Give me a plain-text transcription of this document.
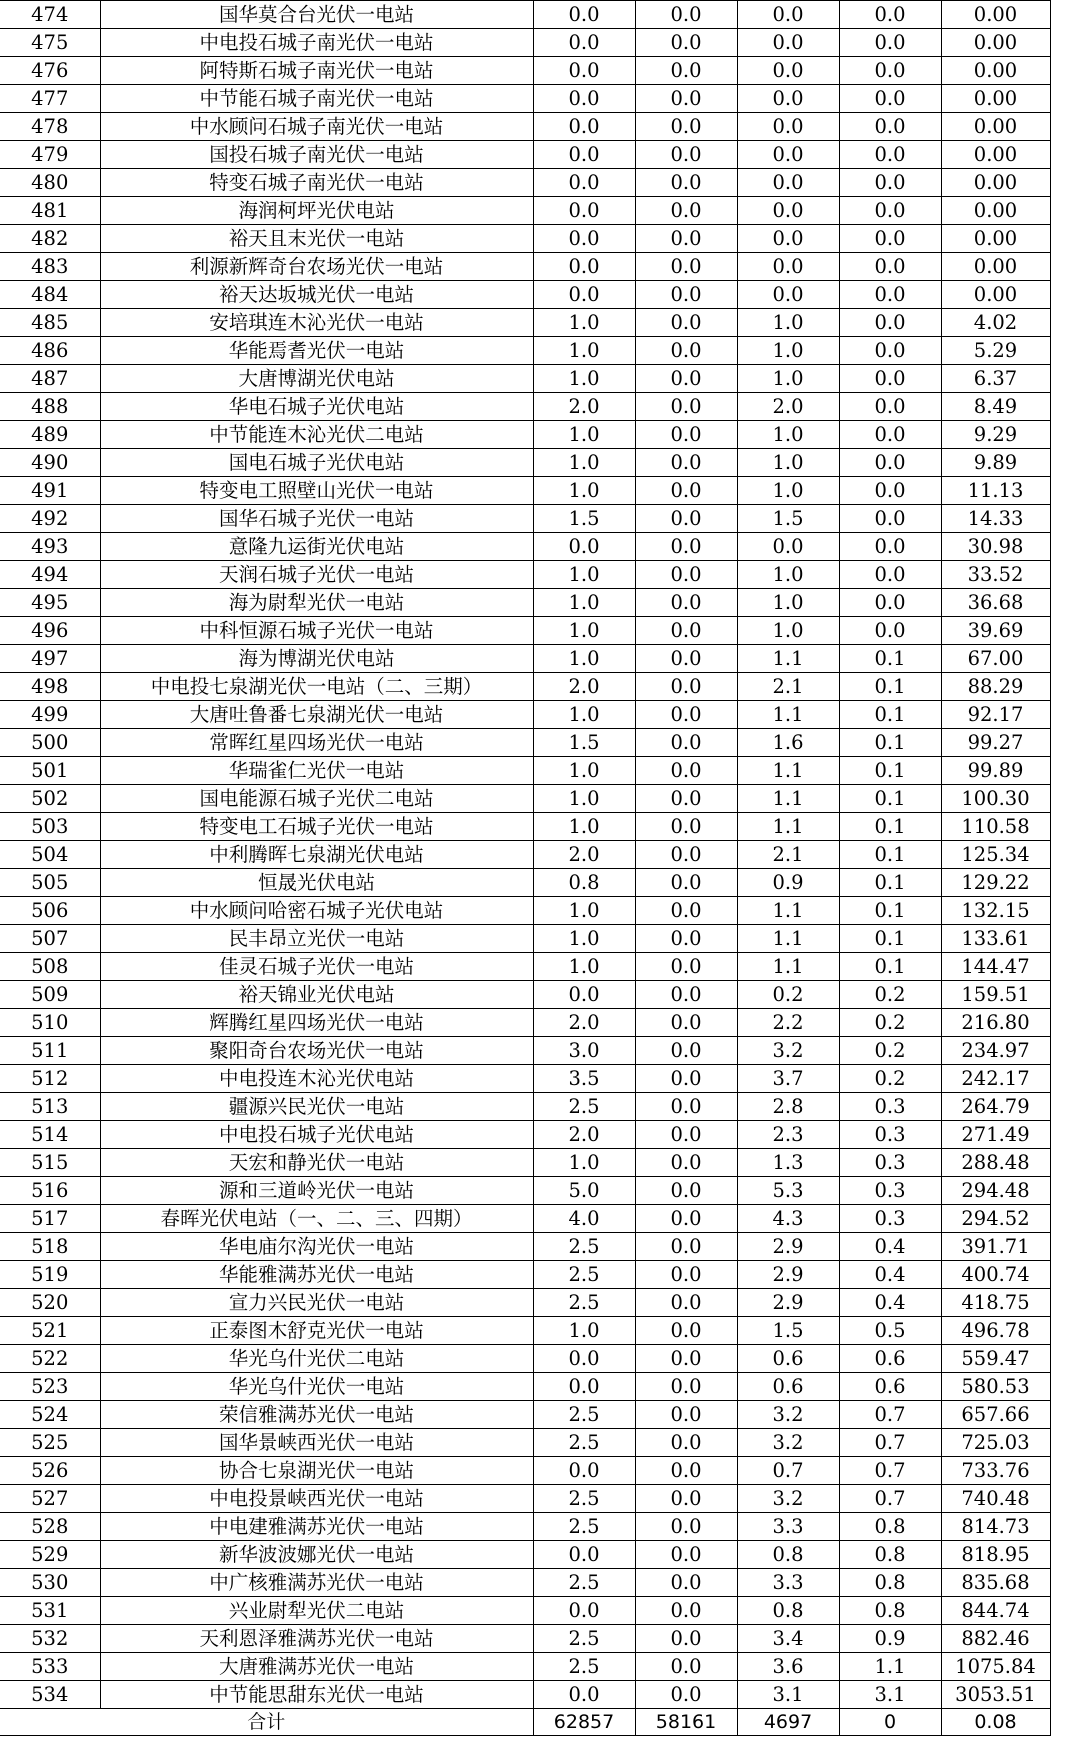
474	国华莫合台光伏一电站	0.0	0.0	0.0	0.0	0.00
475	中电投石城子南光伏一电站	0.0	0.0	0.0	0.0	0.00
476	阿特斯石城子南光伏一电站	0.0	0.0	0.0	0.0	0.00
477	中节能石城子南光伏一电站	0.0	0.0	0.0	0.0	0.00
478	中水顾问石城子南光伏一电站	0.0	0.0	0.0	0.0	0.00
479	国投石城子南光伏一电站	0.0	0.0	0.0	0.0	0.00
480	特变石城子南光伏一电站	0.0	0.0	0.0	0.0	0.00
481	海润柯坪光伏电站	0.0	0.0	0.0	0.0	0.00
482	裕天且末光伏一电站	0.0	0.0	0.0	0.0	0.00
483	利源新辉奇台农场光伏一电站	0.0	0.0	0.0	0.0	0.00
484	裕天达坂城光伏一电站	0.0	0.0	0.0	0.0	0.00
485	安培琪连木沁光伏一电站	1.0	0.0	1.0	0.0	4.02
486	华能焉耆光伏一电站	1.0	0.0	1.0	0.0	5.29
487	大唐博湖光伏电站	1.0	0.0	1.0	0.0	6.37
488	华电石城子光伏电站	2.0	0.0	2.0	0.0	8.49
489	中节能连木沁光伏二电站	1.0	0.0	1.0	0.0	9.29
490	国电石城子光伏电站	1.0	0.0	1.0	0.0	9.89
491	特变电工照壁山光伏一电站	1.0	0.0	1.0	0.0	11.13
492	国华石城子光伏一电站	1.5	0.0	1.5	0.0	14.33
493	意隆九运街光伏电站	0.0	0.0	0.0	0.0	30.98
494	天润石城子光伏一电站	1.0	0.0	1.0	0.0	33.52
495	海为尉犁光伏一电站	1.0	0.0	1.0	0.0	36.68
496	中科恒源石城子光伏一电站	1.0	0.0	1.0	0.0	39.69
497	海为博湖光伏电站	1.0	0.0	1.1	0.1	67.00
498	中电投七泉湖光伏一电站（二、三期）	2.0	0.0	2.1	0.1	88.29
499	大唐吐鲁番七泉湖光伏一电站	1.0	0.0	1.1	0.1	92.17
500	常晖红星四场光伏一电站	1.5	0.0	1.6	0.1	99.27
501	华瑞雀仁光伏一电站	1.0	0.0	1.1	0.1	99.89
502	国电能源石城子光伏二电站	1.0	0.0	1.1	0.1	100.30
503	特变电工石城子光伏一电站	1.0	0.0	1.1	0.1	110.58
504	中利腾晖七泉湖光伏电站	2.0	0.0	2.1	0.1	125.34
505	恒晟光伏电站	0.8	0.0	0.9	0.1	129.22
506	中水顾问哈密石城子光伏电站	1.0	0.0	1.1	0.1	132.15
507	民丰昂立光伏一电站	1.0	0.0	1.1	0.1	133.61
508	佳灵石城子光伏一电站	1.0	0.0	1.1	0.1	144.47
509	裕天锦业光伏电站	0.0	0.0	0.2	0.2	159.51
510	辉腾红星四场光伏一电站	2.0	0.0	2.2	0.2	216.80
511	聚阳奇台农场光伏一电站	3.0	0.0	3.2	0.2	234.97
512	中电投连木沁光伏电站	3.5	0.0	3.7	0.2	242.17
513	疆源兴民光伏一电站	2.5	0.0	2.8	0.3	264.79
514	中电投石城子光伏电站	2.0	0.0	2.3	0.3	271.49
515	天宏和静光伏一电站	1.0	0.0	1.3	0.3	288.48
516	源和三道岭光伏一电站	5.0	0.0	5.3	0.3	294.48
517	春晖光伏电站（一、二、三、四期）	4.0	0.0	4.3	0.3	294.52
518	华电庙尔沟光伏一电站	2.5	0.0	2.9	0.4	391.71
519	华能雅满苏光伏一电站	2.5	0.0	2.9	0.4	400.74
520	宣力兴民光伏一电站	2.5	0.0	2.9	0.4	418.75
521	正泰图木舒克光伏一电站	1.0	0.0	1.5	0.5	496.78
522	华光乌什光伏二电站	0.0	0.0	0.6	0.6	559.47
523	华光乌什光伏一电站	0.0	0.0	0.6	0.6	580.53
524	荣信雅满苏光伏一电站	2.5	0.0	3.2	0.7	657.66
525	国华景峡西光伏一电站	2.5	0.0	3.2	0.7	725.03
526	协合七泉湖光伏一电站	0.0	0.0	0.7	0.7	733.76
527	中电投景峡西光伏一电站	2.5	0.0	3.2	0.7	740.48
528	中电建雅满苏光伏一电站	2.5	0.0	3.3	0.8	814.73
529	新华波波娜光伏一电站	0.0	0.0	0.8	0.8	818.95
530	中广核雅满苏光伏一电站	2.5	0.0	3.3	0.8	835.68
531	兴业尉犁光伏二电站	0.0	0.0	0.8	0.8	844.74
532	天利恩泽雅满苏光伏一电站	2.5	0.0	3.4	0.9	882.46
533	大唐雅满苏光伏一电站	2.5	0.0	3.6	1.1	1075.84
534	中节能思甜东光伏一电站	0.0	0.0	3.1	3.1	3053.51
合计		62857	58161	4697	0	0.08
